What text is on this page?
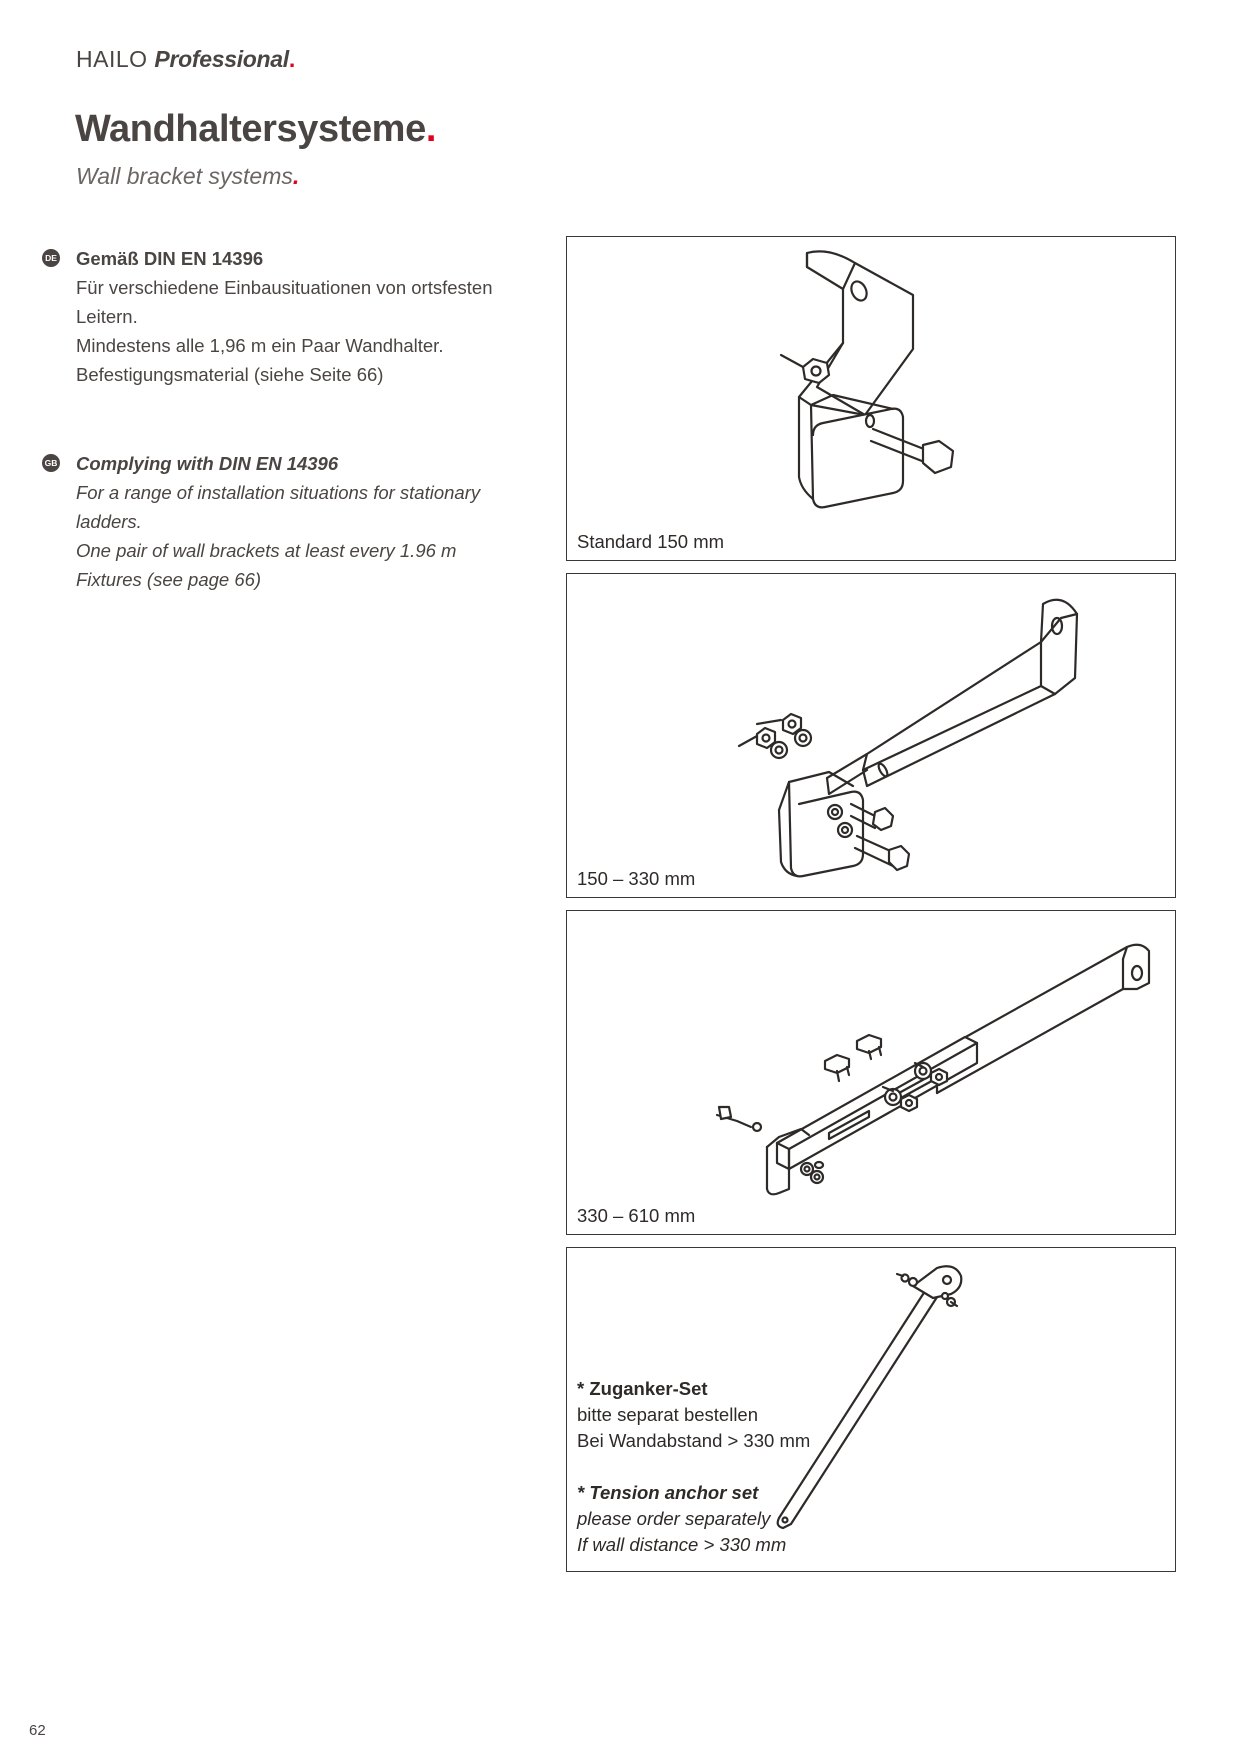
HAILO Professional.
Wandhaltersysteme.
Wall bracket systems.
DE Gemäß DIN EN 14396
Für verschiedene Einbausituationen von ortsfesten Leitern.
Mindestens alle 1,96 m ein Paar Wandhalter.
Befestigungsmaterial (siehe Seite 66)
GB Complying with DIN EN 14396
For a range of installation situations for stationary ladders.
One pair of wall brackets at least every 1.96 m
Fixtures (see page 66)
Standard 150 mm
150 – 330 mm
330 – 610 mm
* Zuganker-Set
bitte separat bestellen
Bei Wandabstand > 330 mm
* Tension anchor set
please order separately
If wall distance > 330 mm
62
